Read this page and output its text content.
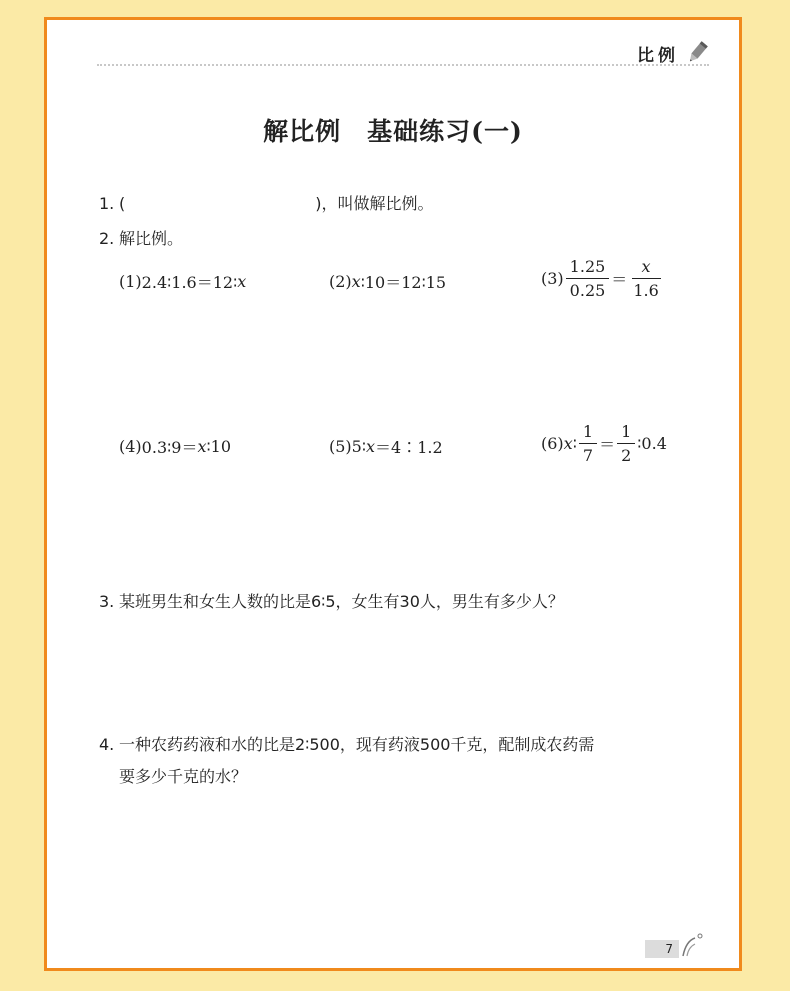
比例
解比例　基础练习(一)
1. (	)，叫做解比例。
2. 解比例。
(1) 2.4∶1.6＝12∶ x	(2) x ∶10＝12∶15	$(3) \frac{1.25}{0.25} = \frac{x}{1.6}$
(4) 0.3∶9＝ x ∶10	(5) 5∶ x ＝4∶1.2	(6) x ∶ $\frac{1}{7} = \frac{1}{2}$ ∶0.4
3. 某班男生和女生人数的比是6∶5，女生有30人，男生有多少人？
4. 一种农药药液和水的比是2∶500，现有药液500千克，配制成农药需
要多少千克的水？
7
